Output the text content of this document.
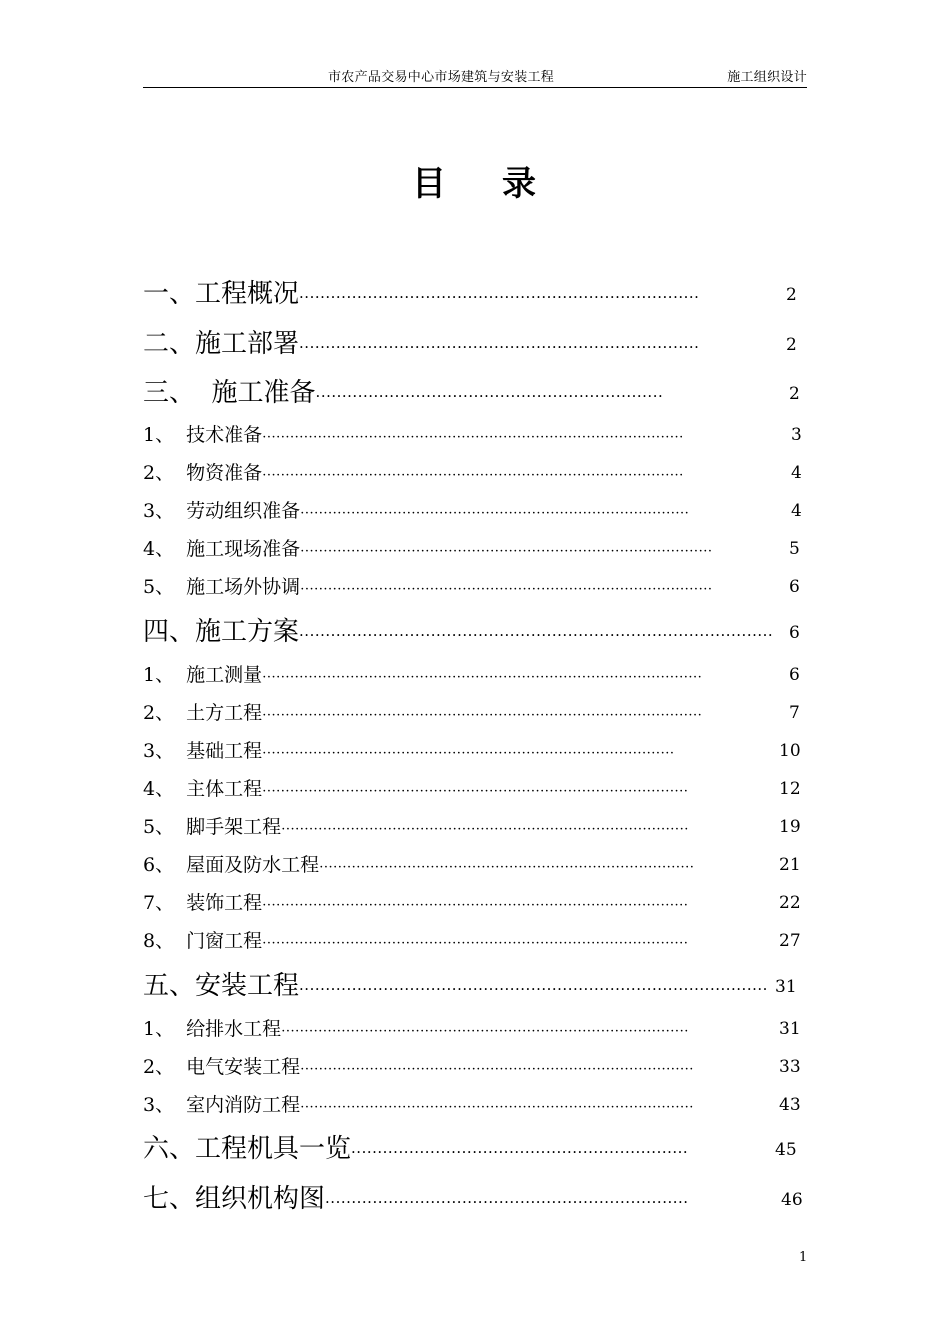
市农产品交易中心市场建筑与安装工程	施工组织设计
目 录
一、工程概况············································································	2
二、施工部署············································································	2
三、  施工准备··································································	2
1、  技术准备···························································································	3
2、  物资准备···························································································	4
3、  劳动组织准备····················································································	4
4、  施工现场准备·························································································	5
5、  施工场外协调·························································································	6
四、施工方案·························································································· 6
1、  施工测量·······························································································	6
2、  土方工程·······························································································	7
3、  基础工程·························································································	10
4、  主体工程····························································································	12
5、  脚手架工程························································································	19
6、  屋面及防水工程·················································································	21
7、  装饰工程····························································································	22
8、  门窗工程····························································································	27
五、安装工程························································································· 31
1、  给排水工程························································································	31
2、  电气安装工程·····················································································	33
3、  室内消防工程·····················································································	43
六、工程机具一览································································	45
七、组织机构图·····································································	46
1
